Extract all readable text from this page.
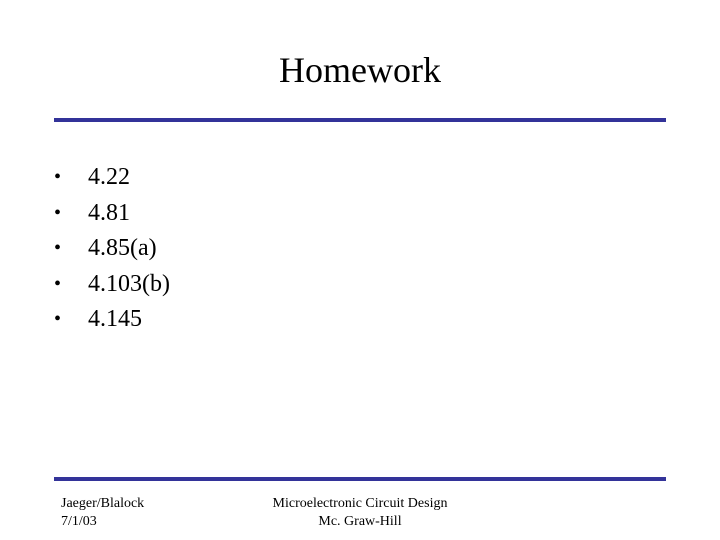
Homework
•	4.22
•	4.81
•	4.85(a)
•	4.103(b)
•	4.145
Jaeger/Blalock
7/1/03
Microelectronic Circuit Design
Mc. Graw-Hill
